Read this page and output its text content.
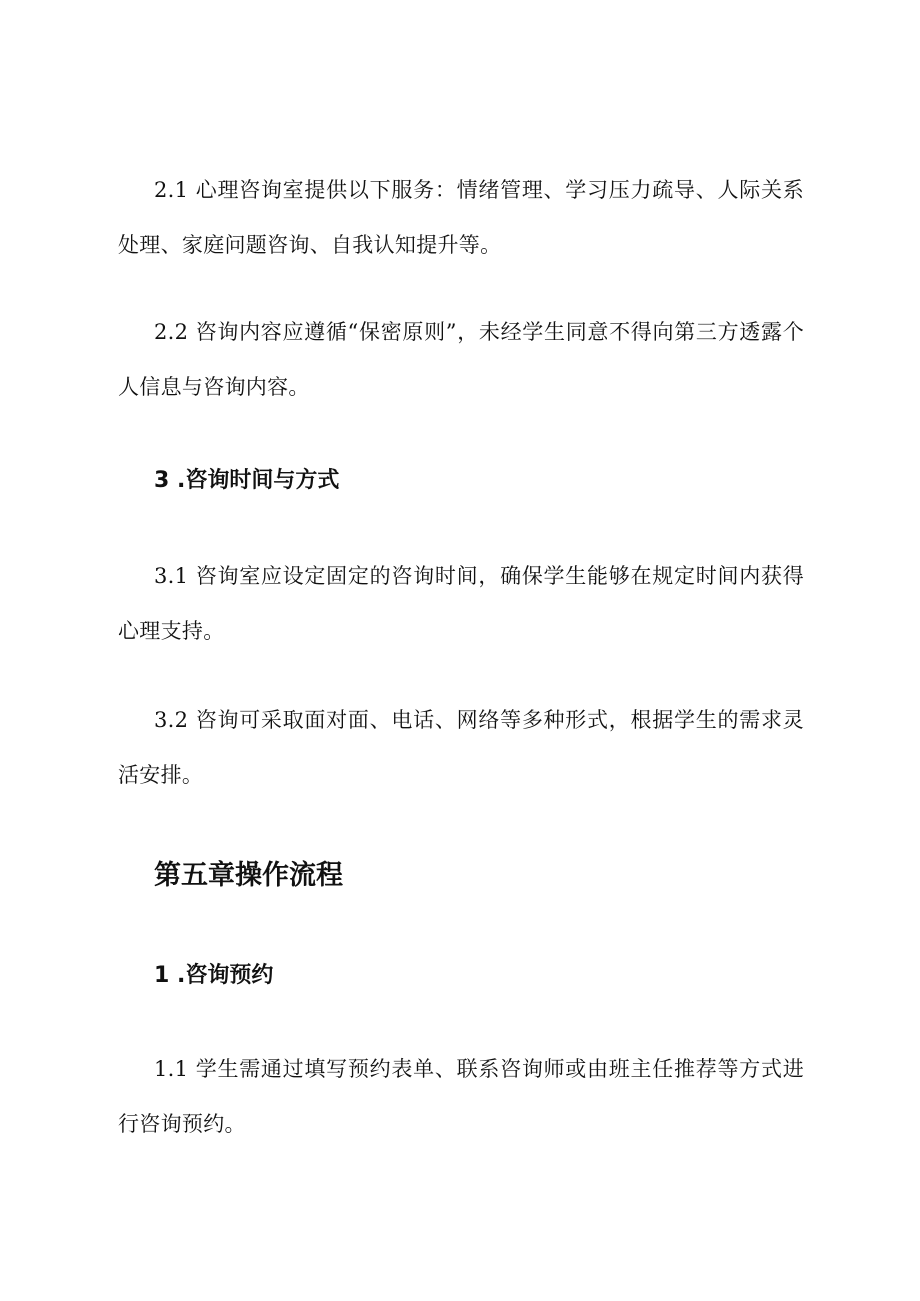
2.1 心理咨询室提供以下服务：情绪管理、学习压力疏导、人际关系处理、家庭问题咨询、自我认知提升等。

2.2 咨询内容应遵循“保密原则”，未经学生同意不得向第三方透露个人信息与咨询内容。

3 .咨询时间与方式

3.1 咨询室应设定固定的咨询时间，确保学生能够在规定时间内获得心理支持。

3.2 咨询可采取面对面、电话、网络等多种形式，根据学生的需求灵活安排。

第五章操作流程
1 .咨询预约

1.1 学生需通过填写预约表单、联系咨询师或由班主任推荐等方式进行咨询预约。
